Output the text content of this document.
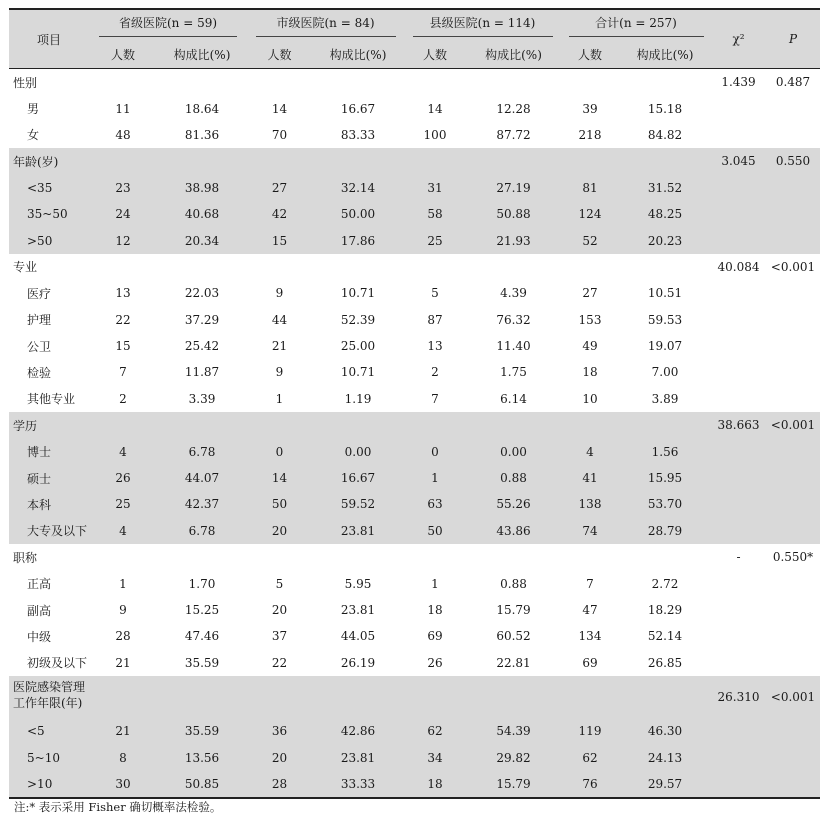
项目	省级医院(n = 59)		市级医院(n = 84)		县级医院(n = 114)		合计(n = 257)		χ²	P
	人数	构成比(%)	人数	构成比(%)	人数	构成比(%)	人数	构成比(%)		
性别									1.439	0.487
男	11	18.64	14	16.67	14	12.28	39	15.18		
女	48	81.36	70	83.33	100	87.72	218	84.82		
年龄(岁)									3.045	0.550
<35	23	38.98	27	32.14	31	27.19	81	31.52		
35~50	24	40.68	42	50.00	58	50.88	124	48.25		
>50	12	20.34	15	17.86	25	21.93	52	20.23		
专业									40.084	<0.001
医疗	13	22.03	9	10.71	5	4.39	27	10.51		
护理	22	37.29	44	52.39	87	76.32	153	59.53		
公卫	15	25.42	21	25.00	13	11.40	49	19.07		
检验	7	11.87	9	10.71	2	1.75	18	7.00		
其他专业	2	3.39	1	1.19	7	6.14	10	3.89		
学历									38.663	<0.001
博士	4	6.78	0	0.00	0	0.00	4	1.56		
硕士	26	44.07	14	16.67	1	0.88	41	15.95		
本科	25	42.37	50	59.52	63	55.26	138	53.70		
大专及以下	4	6.78	20	23.81	50	43.86	74	28.79		
职称									-	0.550*
正高	1	1.70	5	5.95	1	0.88	7	2.72		
副高	9	15.25	20	23.81	18	15.79	47	18.29		
中级	28	47.46	37	44.05	69	60.52	134	52.14		
初级及以下	21	35.59	22	26.19	26	22.81	69	26.85		

医院感染管理
工作年限(年)									26.310	<0.001
<5	21	35.59	36	42.86	62	54.39	119	46.30		
5~10	8	13.56	20	23.81	34	29.82	62	24.13		
>10	30	50.85	28	33.33	18	15.79	76	29.57		
注:* 表示采用 Fisher 确切概率法检验。
